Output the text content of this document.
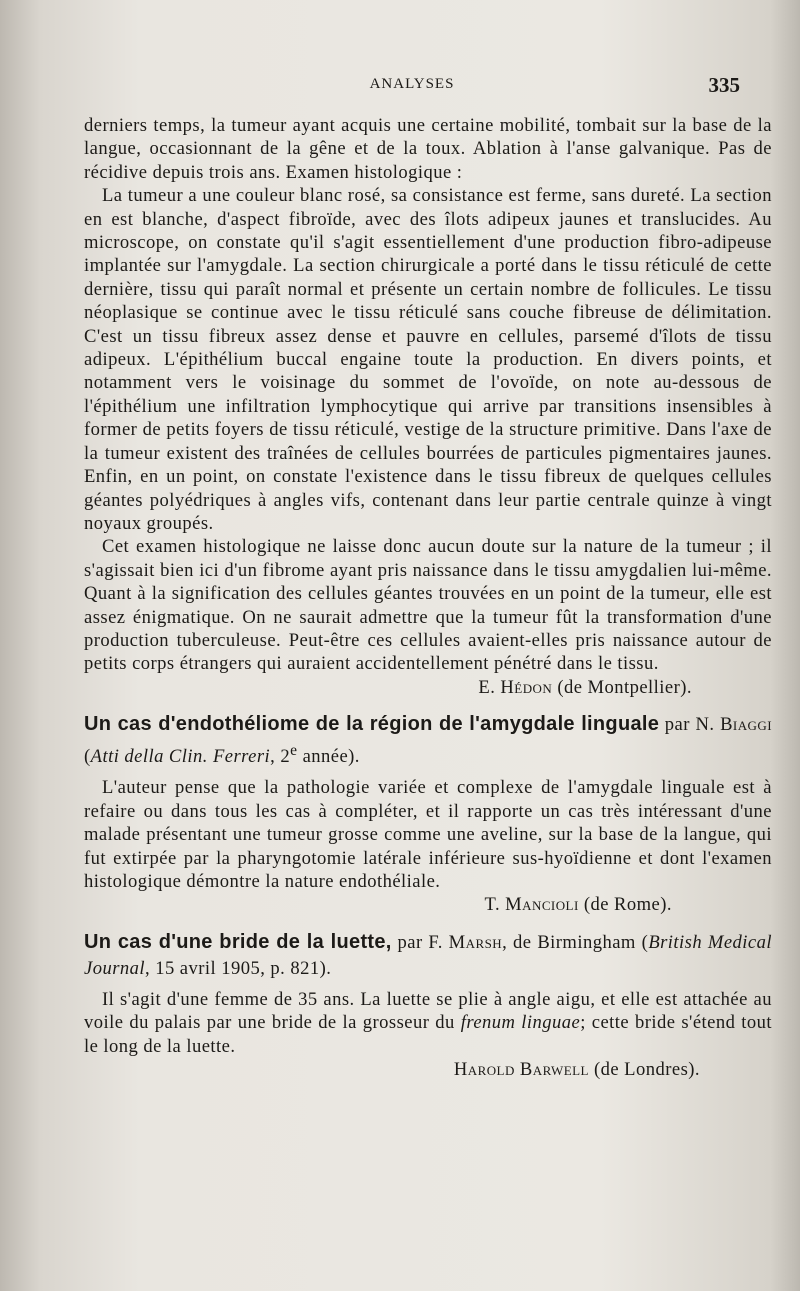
ANALYSES	335

derniers temps, la tumeur ayant acquis une certaine mobilité, tombait sur la base de la langue, occasionnant de la gêne et de la toux. Ablation à l'anse galvanique. Pas de récidive depuis trois ans. Examen histologique :

La tumeur a une couleur blanc rosé, sa consistance est ferme, sans dureté. La section en est blanche, d'aspect fibroïde, avec des îlots adipeux jaunes et translucides. Au microscope, on constate qu'il s'agit essentiellement d'une production fibro-adipeuse implantée sur l'amygdale. La section chirurgicale a porté dans le tissu réticulé de cette dernière, tissu qui paraît normal et présente un certain nombre de follicules. Le tissu néoplasique se continue avec le tissu réticulé sans couche fibreuse de délimitation. C'est un tissu fibreux assez dense et pauvre en cellules, parsemé d'îlots de tissu adipeux. L'épithélium buccal engaine toute la production. En divers points, et notamment vers le voisinage du sommet de l'ovoïde, on note au-dessous de l'épithélium une infiltration lymphocytique qui arrive par transitions insensibles à former de petits foyers de tissu réticulé, vestige de la structure primitive. Dans l'axe de la tumeur existent des traînées de cellules bourrées de particules pigmentaires jaunes. Enfin, en un point, on constate l'existence dans le tissu fibreux de quelques cellules géantes polyédriques à angles vifs, contenant dans leur partie centrale quinze à vingt noyaux groupés.

Cet examen histologique ne laisse donc aucun doute sur la nature de la tumeur ; il s'agissait bien ici d'un fibrome ayant pris naissance dans le tissu amygdalien lui-même. Quant à la signification des cellules géantes trouvées en un point de la tumeur, elle est assez énigmatique. On ne saurait admettre que la tumeur fût la transformation d'une production tuberculeuse. Peut-être ces cellules avaient-elles pris naissance autour de petits corps étrangers qui auraient accidentellement pénétré dans le tissu.

E. Hédon (de Montpellier).

Un cas d'endothéliome de la région de l'amygdale linguale par N. Biaggi (Atti della Clin. Ferreri, 2e année).

L'auteur pense que la pathologie variée et complexe de l'amygdale linguale est à refaire ou dans tous les cas à compléter, et il rapporte un cas très intéressant d'une malade présentant une tumeur grosse comme une aveline, sur la base de la langue, qui fut extirpée par la pharyngotomie latérale inférieure sus-hyoïdienne et dont l'examen histologique démontre la nature endothéliale.

T. Mancioli (de Rome).

Un cas d'une bride de la luette, par F. Marsh, de Birmingham (British Medical Journal, 15 avril 1905, p. 821).

Il s'agit d'une femme de 35 ans. La luette se plie à angle aigu, et elle est attachée au voile du palais par une bride de la grosseur du frenum linguae; cette bride s'étend tout le long de la luette.

Harold Barwell (de Londres).
